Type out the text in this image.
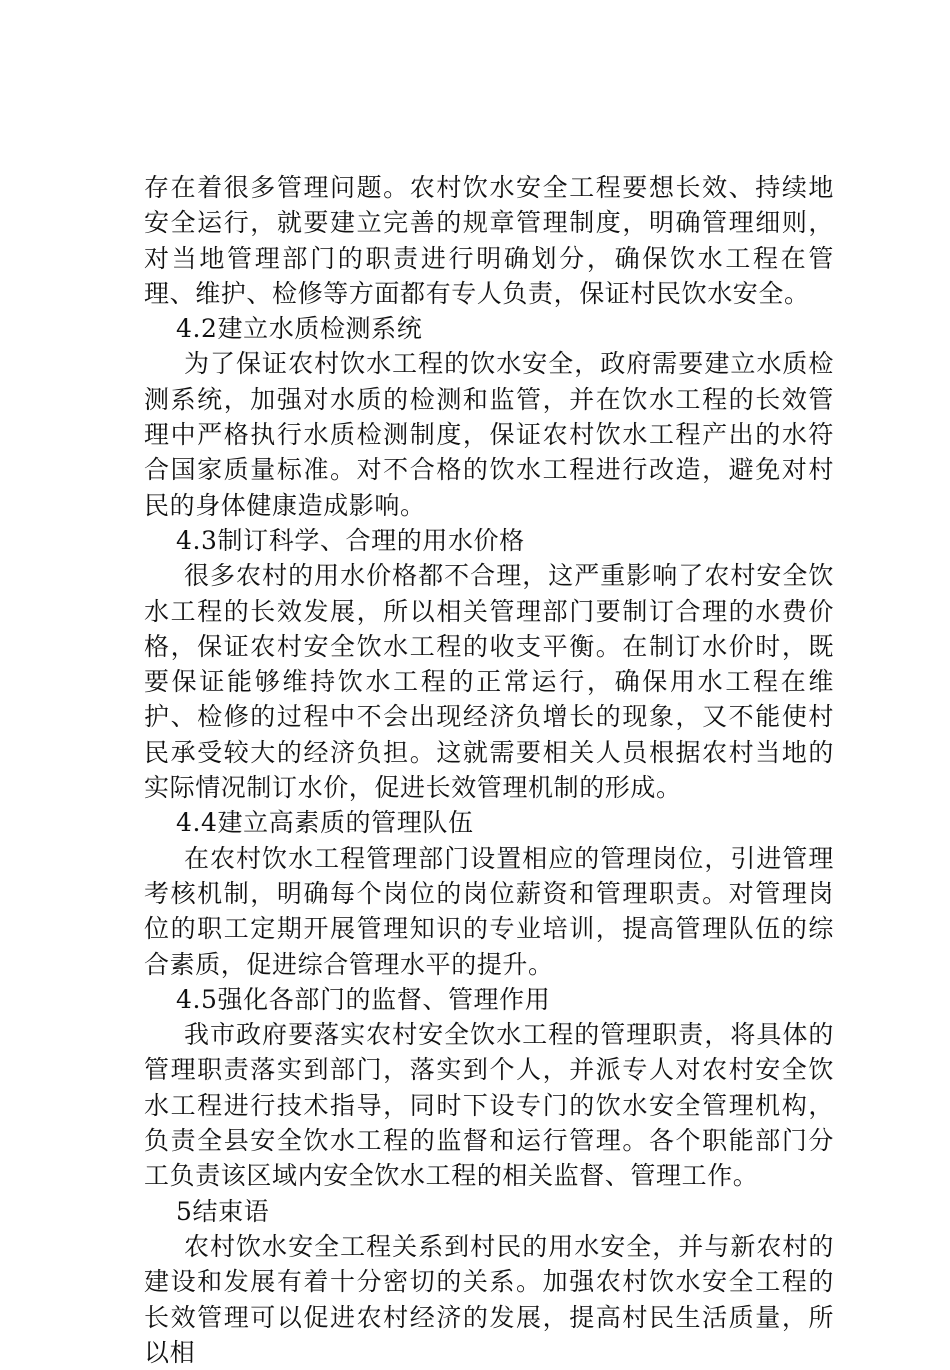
存在着很多管理问题。农村饮水安全工程要想长效、持续地安全运行，就要建立完善的规章管理制度，明确管理细则，对当地管理部门的职责进行明确划分，确保饮水工程在管理、维护、检修等方面都有专人负责，保证村民饮水安全。

4.2建立水质检测系统

为了保证农村饮水工程的饮水安全，政府需要建立水质检测系统，加强对水质的检测和监管，并在饮水工程的长效管理中严格执行水质检测制度，保证农村饮水工程产出的水符合国家质量标准。对不合格的饮水工程进行改造，避免对村民的身体健康造成影响。

4.3制订科学、合理的用水价格

很多农村的用水价格都不合理，这严重影响了农村安全饮水工程的长效发展，所以相关管理部门要制订合理的水费价格，保证农村安全饮水工程的收支平衡。在制订水价时，既要保证能够维持饮水工程的正常运行，确保用水工程在维护、检修的过程中不会出现经济负增长的现象，又不能使村民承受较大的经济负担。这就需要相关人员根据农村当地的实际情况制订水价，促进长效管理机制的形成。

4.4建立高素质的管理队伍

在农村饮水工程管理部门设置相应的管理岗位，引进管理考核机制，明确每个岗位的岗位薪资和管理职责。对管理岗位的职工定期开展管理知识的专业培训，提高管理队伍的综合素质，促进综合管理水平的提升。

4.5强化各部门的监督、管理作用

我市政府要落实农村安全饮水工程的管理职责，将具体的管理职责落实到部门，落实到个人，并派专人对农村安全饮水工程进行技术指导，同时下设专门的饮水安全管理机构，负责全县安全饮水工程的监督和运行管理。各个职能部门分工负责该区域内安全饮水工程的相关监督、管理工作。

5结束语

农村饮水安全工程关系到村民的用水安全，并与新农村的建设和发展有着十分密切的关系。加强农村饮水安全工程的长效管理可以促进农村经济的发展，提高村民生活质量，所以相
